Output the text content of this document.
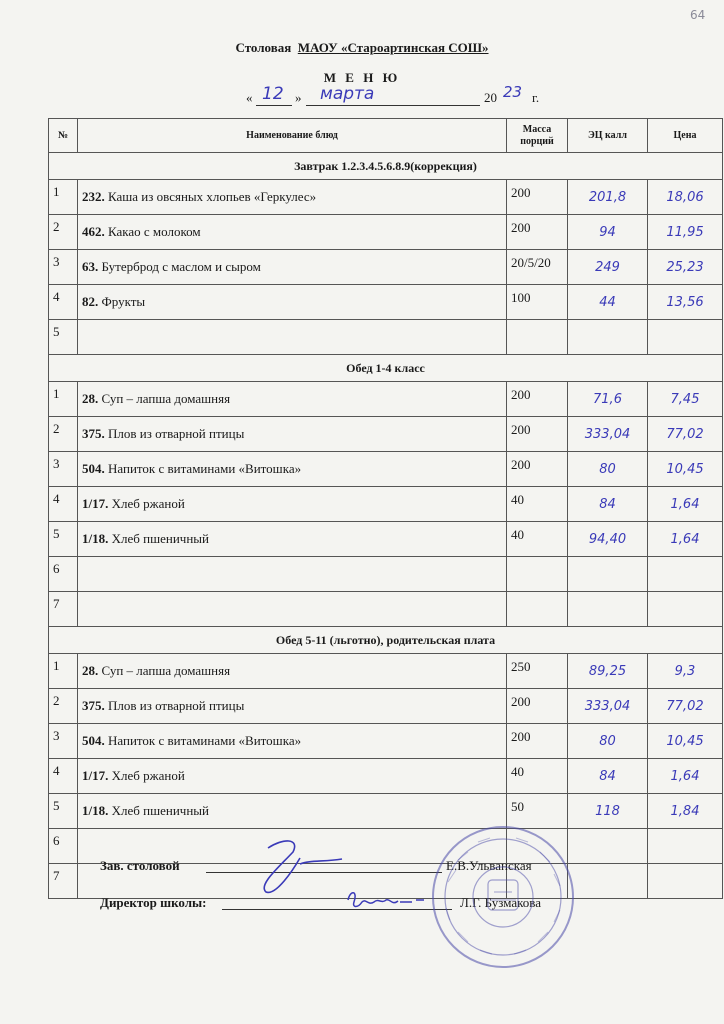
64
Столовая МАОУ «Староартинская СОШ»
М Е Н Ю
« 12 » марта	20 23 г.
№	Наименование блюд	Масса порций	ЭЦ калл	Цена
Завтрак 1.2.3.4.5.6.8.9(коррекция)				
1	232. Каша из овсяных хлопьев «Геркулес»	200	201,8	18,06
2	462. Какао с молоком	200	94	11,95
3	63. Бутерброд с маслом и сыром	20/5/20	249	25,23
4	82. Фрукты	100	44	13,56
5				
Обед 1-4 класс				
1	28. Суп – лапша домашняя	200	71,6	7,45
2	375. Плов из отварной птицы	200	333,04	77,02
3	504. Напиток с витаминами «Витошка»	200	80	10,45
4	1/17. Хлеб ржаной	40	84	1,64
5	1/18. Хлеб пшеничный	40	94,40	1,64
6				
7				
Обед 5-11 (льготно), родительская плата				
1	28. Суп – лапша домашняя	250	89,25	9,3
2	375. Плов из отварной птицы	200	333,04	77,02
3	504. Напиток с витаминами «Витошка»	200	80	10,45
4	1/17. Хлеб ржаной	40	84	1,64
5	1/18. Хлеб пшеничный	50	118	1,84
6				
7				
Зав. столовой	Е.В.Ульванская
Директор школы:	Л.Г. Бузмакова
